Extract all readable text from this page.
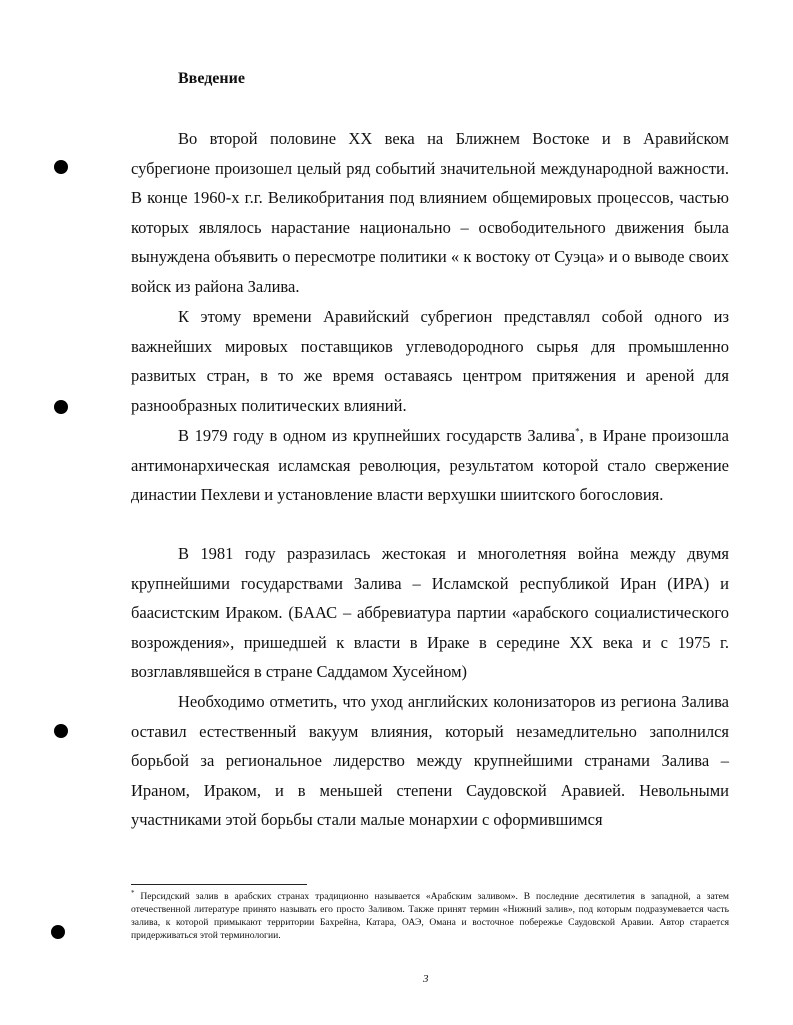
Введение

Во второй половине XX века на Ближнем Востоке и в Аравийском субрегионе произошел целый ряд событий значительной международной важности. В конце 1960-х г.г. Великобритания под влиянием общемировых процессов, частью которых являлось нарастание национально – освободительного движения была вынуждена объявить о пересмотре политики « к востоку от Суэца» и о выводе своих войск из района Залива.

К этому времени Аравийский субрегион представлял собой одного из важнейших мировых поставщиков углеводородного сырья для промышленно развитых стран, в то же время оставаясь центром притяжения и ареной для разнообразных политических влияний.

В 1979 году в одном из крупнейших государств Залива*, в Иране произошла антимонархическая исламская революция, результатом которой стало свержение династии Пехлеви и установление власти верхушки шиитского богословия.

В 1981 году разразилась жестокая и многолетняя война между двумя крупнейшими государствами Залива – Исламской республикой Иран (ИРА) и баасистским Ираком. (БААС – аббревиатура партии «арабского социалистического возрождения», пришедшей к власти в Ираке в середине XX века и с 1975 г. возглавлявшейся в стране Саддамом Хусейном)

Необходимо отметить, что уход английских колонизаторов из региона Залива оставил естественный вакуум влияния, который незамедлительно заполнился борьбой за региональное лидерство между крупнейшими странами Залива – Ираном, Ираком, и в меньшей степени Саудовской Аравией. Невольными участниками этой борьбы стали малые монархии с оформившимся

* Персидский залив в арабских странах традиционно называется «Арабским заливом». В последние десятилетия в западной, а затем отечественной литературе принято называть его просто Заливом. Также принят термин «Нижний залив», под которым подразумевается часть залива, к которой примыкают территории Бахрейна, Катара, ОАЭ, Омана и восточное побережье Саудовской Аравии. Автор старается придерживаться этой терминологии.

3
